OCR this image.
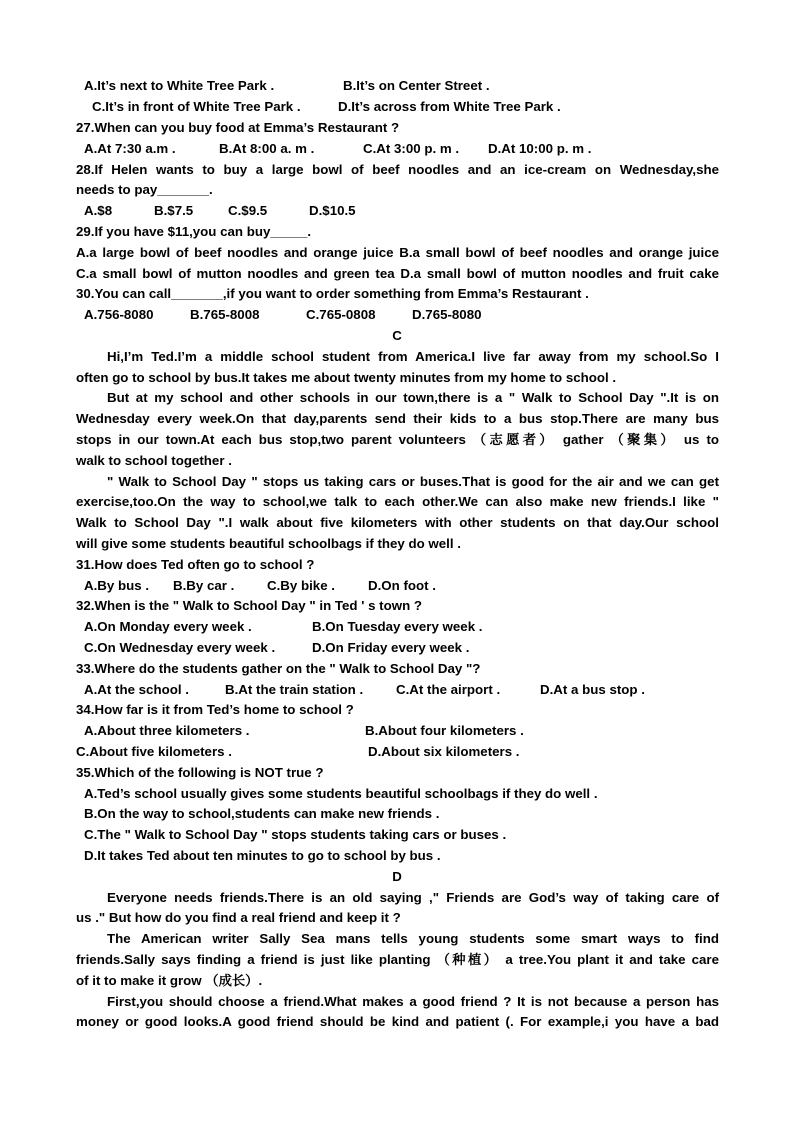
A.It’s next to White Tree Park .	B.It’s on Center Street .
C.It’s in front of White Tree Park .	D.It’s across from White Tree Park .
27.When can you buy food at Emma’s Restaurant ?
A.At 7:30 a.m .	B.At 8:00 a. m .	C.At 3:00 p. m . D.At 10:00 p. m .
28.If Helen wants to buy a large bowl of beef noodles and an ice-cream on Wednesday,she
needs to pay_______.
A.$8	B.$7.5	C.$9.5	D.$10.5
29.If you have $11,you can buy_____.
A.a large bowl of beef noodles and orange juice B.a small bowl of beef noodles and orange juice
C.a small bowl of mutton noodles and green tea D.a small bowl of mutton noodles and fruit cake
30.You can call_______,if you want to order something from Emma’s Restaurant .
A.756-8080	B.765-8008	C.765-0808	D.765-8080
C
Hi,I’m Ted.I’m a middle school student from America.I live far away from my school.So I
often go to school by bus.It takes me about twenty minutes from my home to school .
But at my school and other schools in our town,there is a " Walk to School Day ".It is on
Wednesday every week.On that day,parents send their kids to a bus stop.There are many bus
stops in our town.At each bus stop,two parent volunteers （志愿者） gather （聚集） us to
walk to school together .
" Walk to School Day " stops us taking cars or buses.That is good for the air and we can get
exercise,too.On the way to school,we talk to each other.We can also make new friends.I like "
Walk to School Day ".I walk about five kilometers with other students on that day.Our school
will give some students beautiful schoolbags if they do well .
31.How does Ted often go to school ?
A.By bus . B.By car . C.By bike . D.On foot .
32.When is the " Walk to School Day " in Ted ' s town ?
A.On Monday every week .	B.On Tuesday every week .
C.On Wednesday every week .	D.On Friday every week .
33.Where do the students gather on the " Walk to School Day "?
A.At the school .	B.At the train station . C.At the airport .	D.At a bus stop .
34.How far is it from Ted’s home to school ?
A.About three kilometers .	B.About four kilometers .
C.About five kilometers .	D.About six kilometers .
35.Which of the following is NOT true ?
A.Ted’s school usually gives some students beautiful schoolbags if they do well .
B.On the way to school,students can make new friends .
C.The " Walk to School Day " stops students taking cars or buses .
D.It takes Ted about ten minutes to go to school by bus .
D
Everyone needs friends.There is an old saying ," Friends are God’s way of taking care of
us ." But how do you find a real friend and keep it ?
The American writer Sally Sea mans tells young students some smart ways to find
friends.Sally says finding a friend is just like planting （种植） a tree.You plant it and take care
of it to make it grow （成长）.
First,you should choose a friend.What makes a good friend ? It is not because a person has
money or good looks.A good friend should be kind and patient (. For example,i you have a bad
